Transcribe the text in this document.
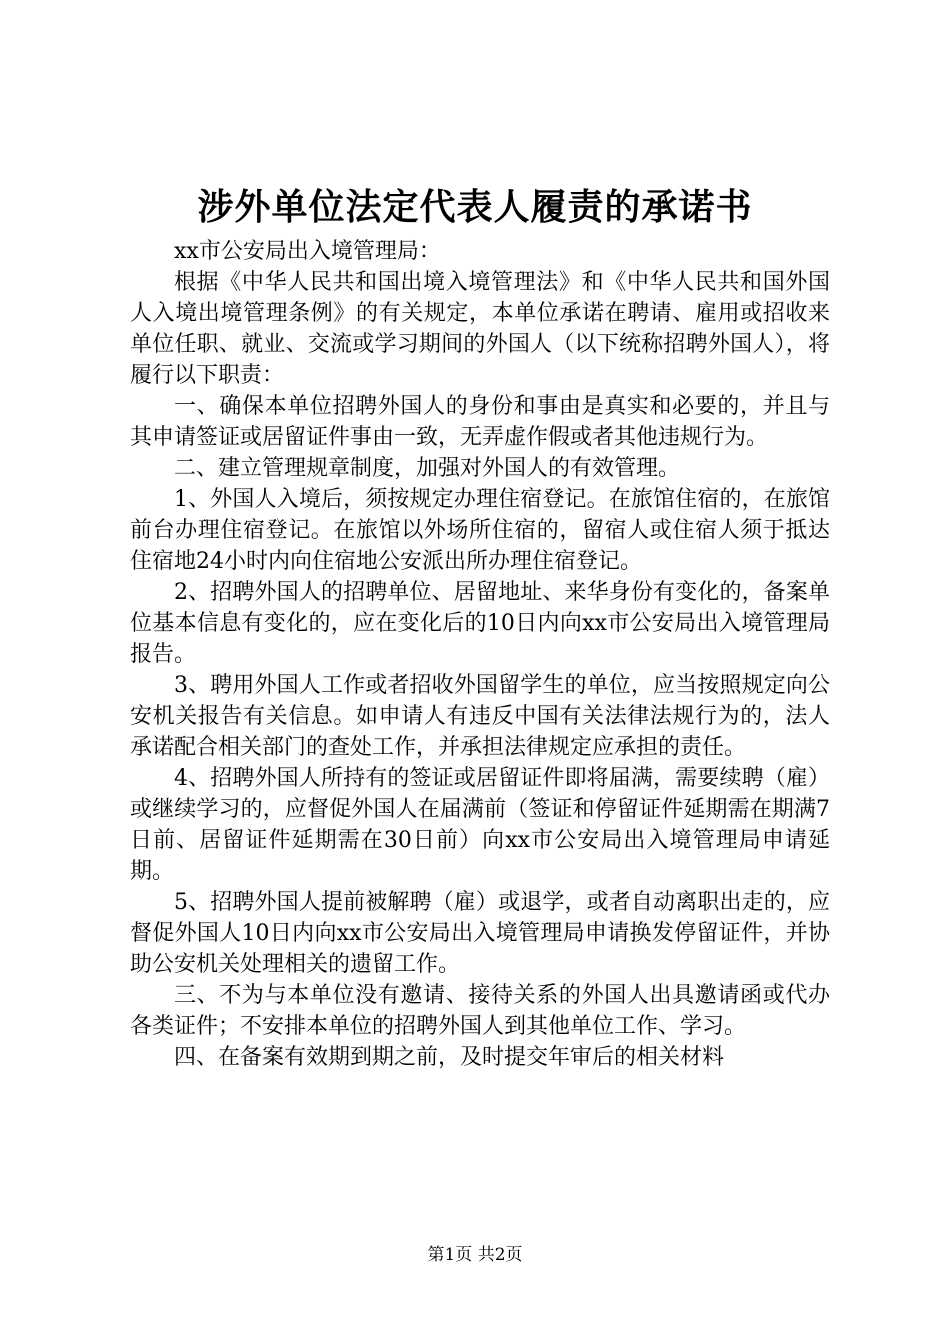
涉外单位法定代表人履责的承诺书

xx市公安局出入境管理局：

根据《中华人民共和国出境入境管理法》和《中华人民共和国外国人入境出境管理条例》的有关规定，本单位承诺在聘请、雇用或招收来单位任职、就业、交流或学习期间的外国人（以下统称招聘外国人），将履行以下职责：

一、确保本单位招聘外国人的身份和事由是真实和必要的，并且与其申请签证或居留证件事由一致，无弄虚作假或者其他违规行为。

二、建立管理规章制度，加强对外国人的有效管理。

1、外国人入境后，须按规定办理住宿登记。在旅馆住宿的，在旅馆前台办理住宿登记。在旅馆以外场所住宿的，留宿人或住宿人须于抵达住宿地24小时内向住宿地公安派出所办理住宿登记。

2、招聘外国人的招聘单位、居留地址、来华身份有变化的，备案单位基本信息有变化的，应在变化后的10日内向xx市公安局出入境管理局报告。

3、聘用外国人工作或者招收外国留学生的单位，应当按照规定向公安机关报告有关信息。如申请人有违反中国有关法律法规行为的，法人承诺配合相关部门的查处工作，并承担法律规定应承担的责任。

4、招聘外国人所持有的签证或居留证件即将届满，需要续聘（雇）或继续学习的，应督促外国人在届满前（签证和停留证件延期需在期满7日前、居留证件延期需在30日前）向xx市公安局出入境管理局申请延期。

5、招聘外国人提前被解聘（雇）或退学，或者自动离职出走的，应督促外国人10日内向xx市公安局出入境管理局申请换发停留证件，并协助公安机关处理相关的遗留工作。

三、不为与本单位没有邀请、接待关系的外国人出具邀请函或代办各类证件；不安排本单位的招聘外国人到其他单位工作、学习。

四、在备案有效期到期之前，及时提交年审后的相关材料

第1页 共2页
